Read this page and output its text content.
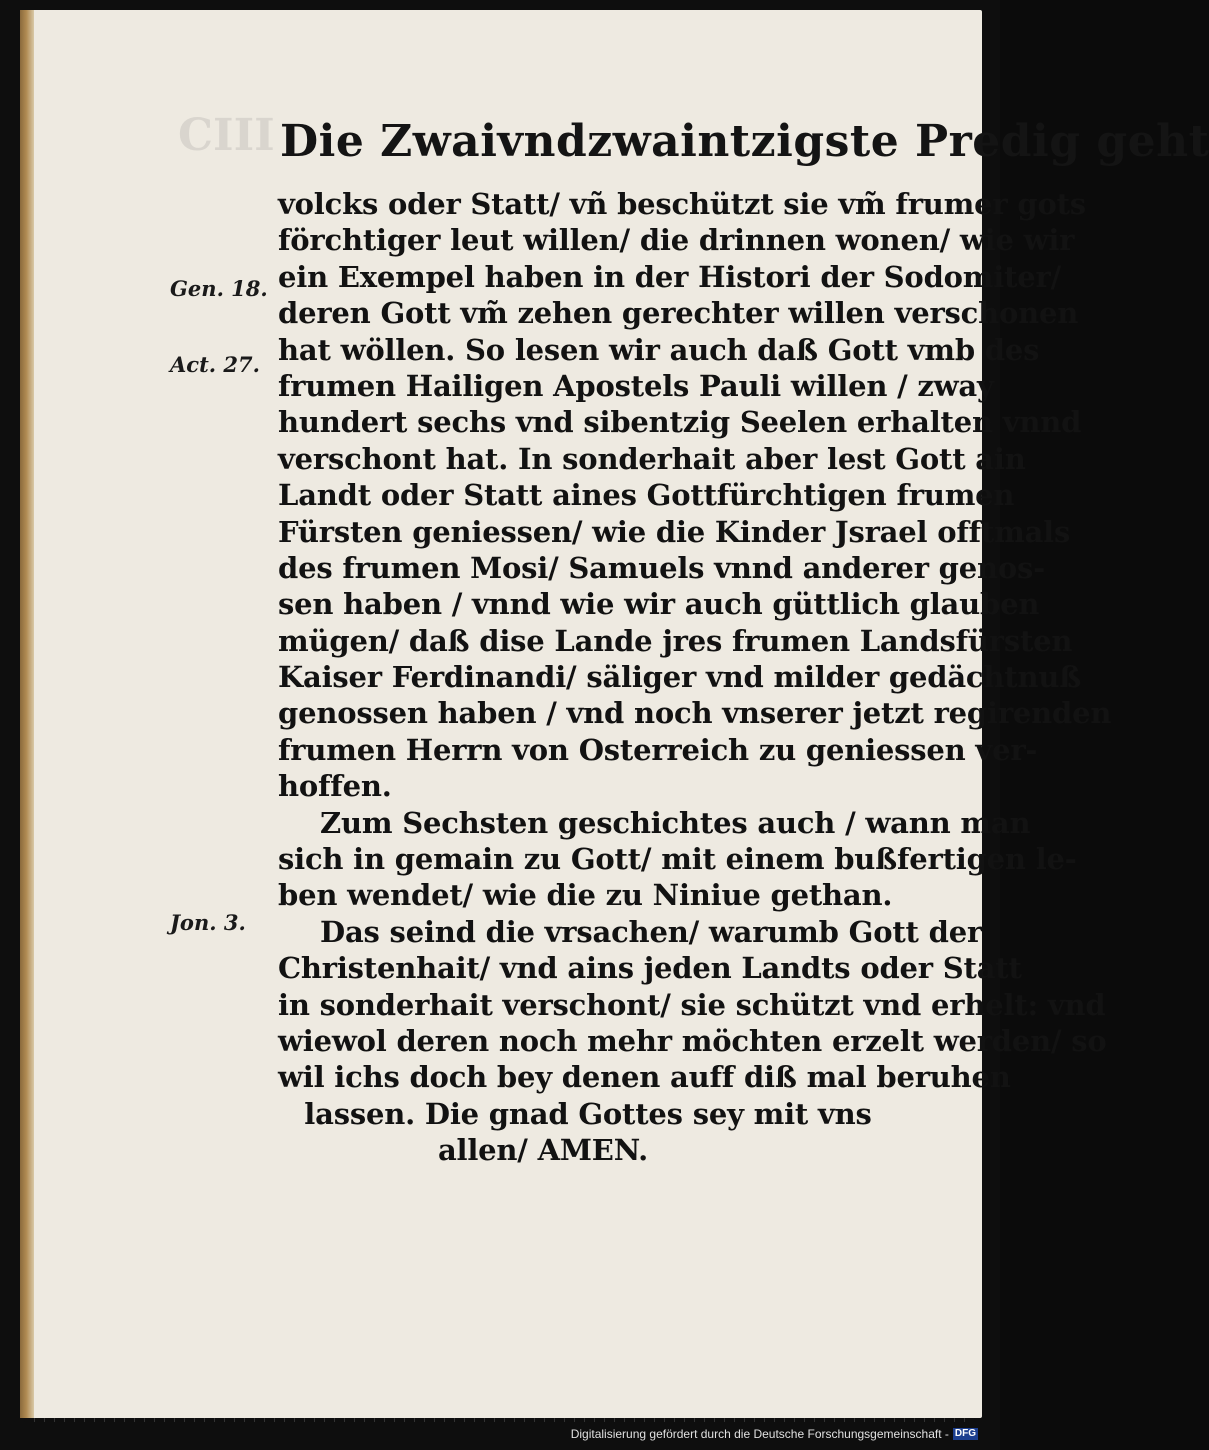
CIII Die Zwaivndzwaintzigste Predig geht
volcks oder Statt/ vñ beschützt sie vm̃ frumer gots
förchtiger leut willen/ die drinnen wonen/ wie wir
ein Exempel haben in der Histori der Sodomiter/
deren Gott vm̃ zehen gerechter willen verschonen
hat wöllen. So lesen wir auch daß Gott vmb des
frumen Hailigen Apostels Pauli willen / zway
hundert sechs vnd sibentzig Seelen erhalten vnnd
verschont hat. In sonderhait aber lest Gott ain
Landt oder Statt aines Gottfürchtigen frumen
Fürsten geniessen/ wie die Kinder Jsrael offtmals
des frumen Mosi/ Samuels vnnd anderer genos-
sen haben / vnnd wie wir auch güttlich glauben
mügen/ daß dise Lande jres frumen Landsfürsten
Kaiser Ferdinandi/ säliger vnd milder gedächtnuß
genossen haben / vnd noch vnserer jetzt regirenden
frumen Herrn von Osterreich zu geniessen ver-
hoffen.
Zum Sechsten geschichtes auch / wann man
sich in gemain zu Gott/ mit einem bußfertigen le-
ben wendet/ wie die zu Niniue gethan.
Das seind die vrsachen/ warumb Gott der
Christenhait/ vnd ains jeden Landts oder Statt
in sonderhait verschont/ sie schützt vnd erhelt: vnd
wiewol deren noch mehr möchten erzelt werden/ so
wil ichs doch bey denen auff diß mal beruhen
lassen. Die gnad Gottes sey mit vns
allen/ AMEN.
Gen. 18.
Act. 27.
Jon. 3.
Digitalisierung gefördert durch die Deutsche Forschungsgemeinschaft - DFG
